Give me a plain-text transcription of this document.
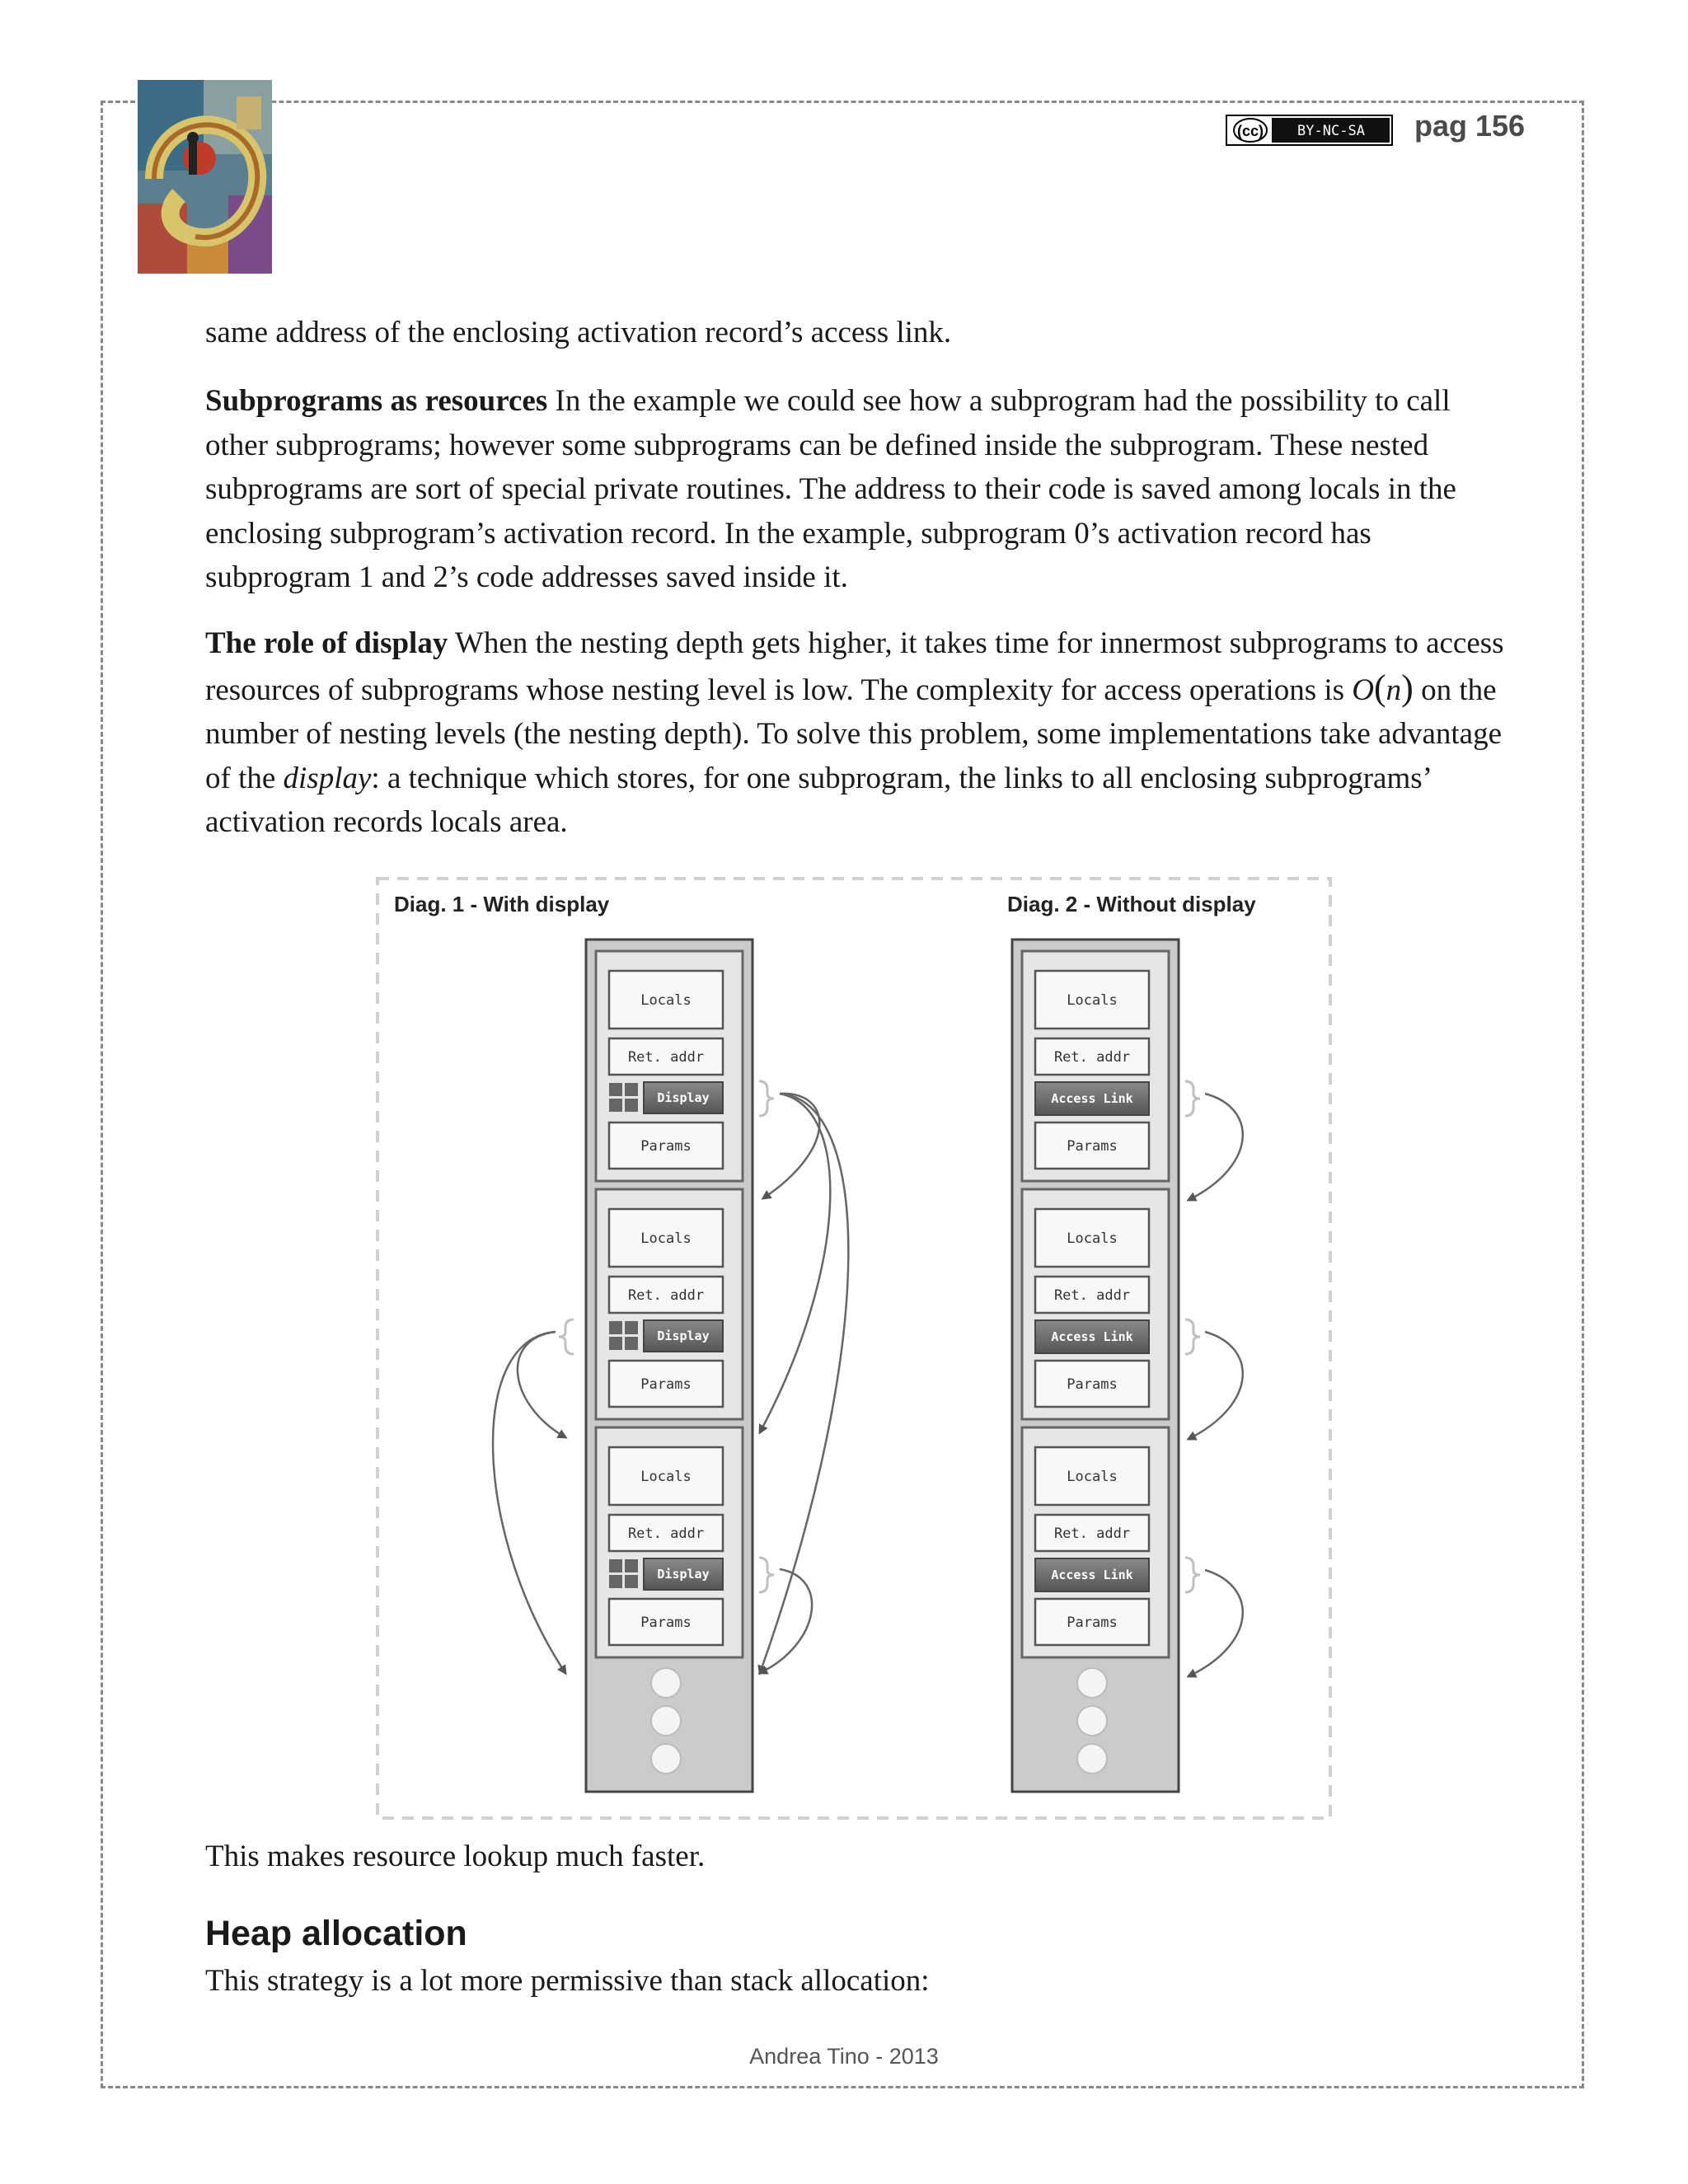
(cc) BY-NC-SA pag 156

same address of the enclosing activation record’s access link.

Subprograms as resources In the example we could see how a subprogram had the possibility to call other subprograms; however some subprograms can be defined inside the subprogram. These nested subprograms are sort of special private routines. The address to their code is saved among locals in the enclosing subprogram’s activation record. In the example, subprogram 0’s activation record has subprogram 1 and 2’s code addresses saved inside it.

The role of display When the nesting depth gets higher, it takes time for innermost subprograms to access resources of subprograms whose nesting level is low. The complexity for access operations is O(n) on the number of nesting levels (the nesting depth). To solve this problem, some implementations take advantage of the display: a technique which stores, for one subprogram, the links to all enclosing subprograms’ activation records locals area.

Diag. 1 - With display	Diag. 2 - Without display
Locals
Ret. addr
Display
Params
Locals
Ret. addr
Display
Params
Locals
Ret. addr
Display
Params
Locals
Ret. addr
Access Link
Params
Locals
Ret. addr
Access Link
Params
Locals
Ret. addr
Access Link
Params

This makes resource lookup much faster.

Heap allocation

This strategy is a lot more permissive than stack allocation:

Andrea Tino - 2013
